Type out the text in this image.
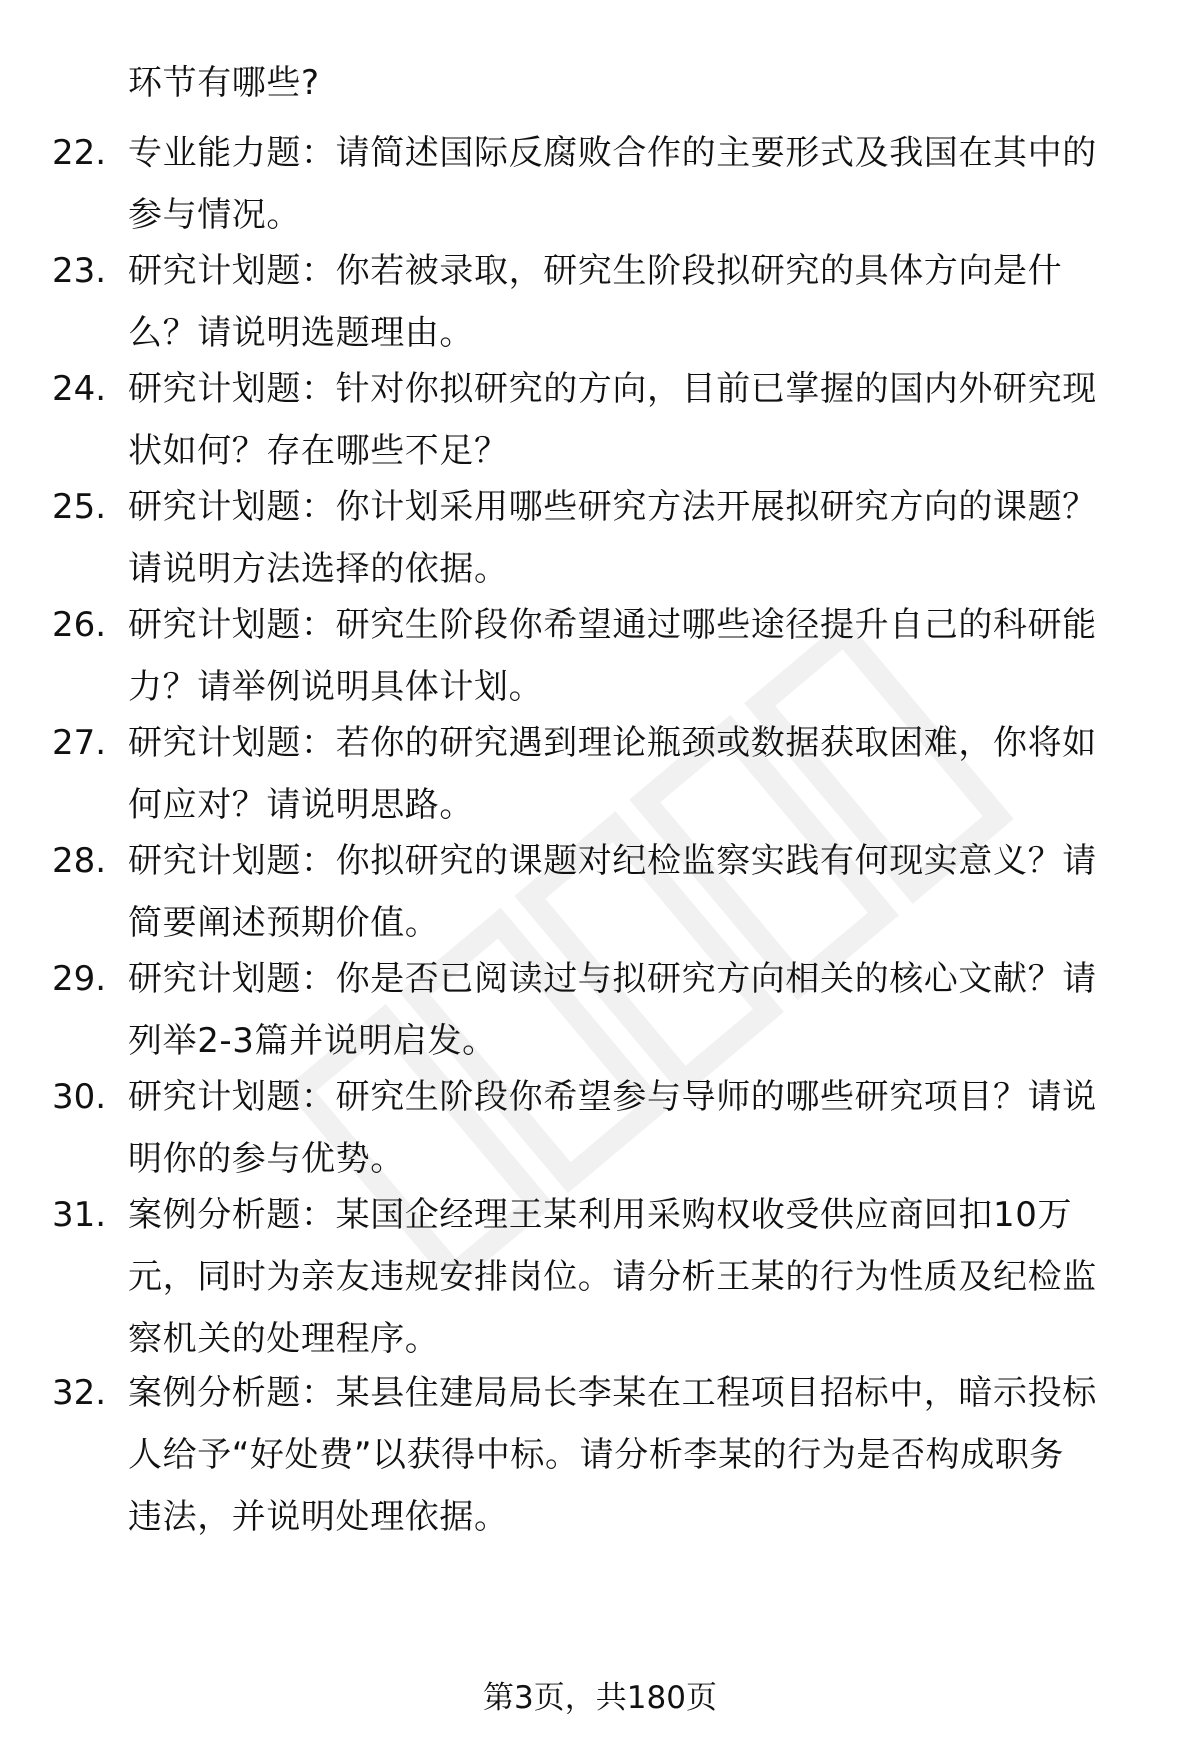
环节有哪些?
22. 专业能力题：请简述国际反腐败合作的主要形式及我国在其中的
参与情况。
23. 研究计划题：你若被录取，研究生阶段拟研究的具体方向是什
么？请说明选题理由。
24. 研究计划题：针对你拟研究的方向，目前已掌握的国内外研究现
状如何？存在哪些不足？
25. 研究计划题：你计划采用哪些研究方法开展拟研究方向的课题？
请说明方法选择的依据。
26. 研究计划题：研究生阶段你希望通过哪些途径提升自己的科研能
力？请举例说明具体计划。
27. 研究计划题：若你的研究遇到理论瓶颈或数据获取困难，你将如
何应对？请说明思路。
28. 研究计划题：你拟研究的课题对纪检监察实践有何现实意义？请
简要阐述预期价值。
29. 研究计划题：你是否已阅读过与拟研究方向相关的核心文献？请
列举2-3篇并说明启发。
30. 研究计划题：研究生阶段你希望参与导师的哪些研究项目？请说
明你的参与优势。
31. 案例分析题：某国企经理王某利用采购权收受供应商回扣10万
元，同时为亲友违规安排岗位。请分析王某的行为性质及纪检监
察机关的处理程序。
32. 案例分析题：某县住建局局长李某在工程项目招标中，暗示投标
人给予“好处费”以获得中标。请分析李某的行为是否构成职务
违法，并说明处理依据。
第3页，共180页
